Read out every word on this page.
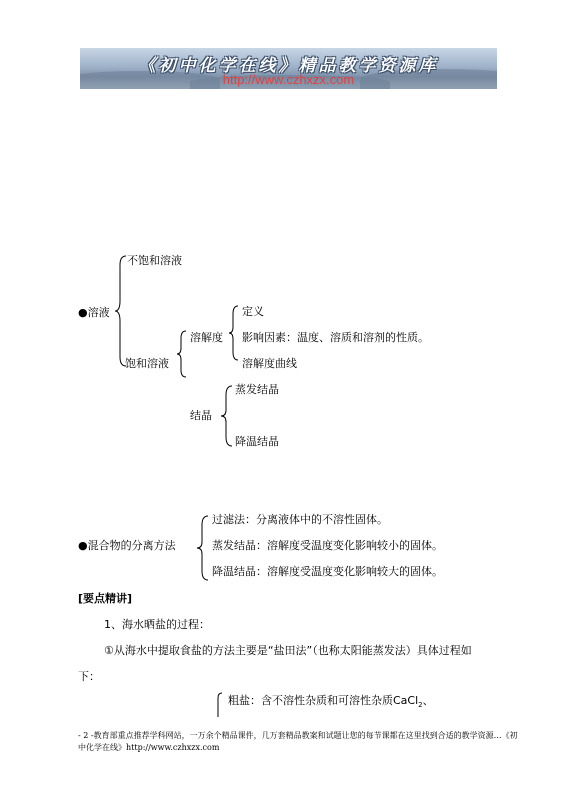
《初中化学在线》精品教学资源库
http://www.czhxzx.com
不饱和溶液
●溶液
饱和溶液
溶解度
定义
影响因素：温度、溶质和溶剂的性质。
溶解度曲线
结晶
蒸发结晶
降温结晶
●混合物的分离方法
过滤法：分离液体中的不溶性固体。
蒸发结晶：溶解度受温度变化影响较小的固体。
降温结晶：溶解度受温度变化影响较大的固体。
[要点精讲]
1、海水晒盐的过程：
①从海水中提取食盐的方法主要是“盐田法”（也称太阳能蒸发法）具体过程如
下：
粗盐：含不溶性杂质和可溶性杂质CaCl$_2$、
- 2 -教育部重点推荐学科网站，一万余个精品课件，几万套精品教案和试题让您的每节课都在这里找到合适的教学资源…《初中化学在线》http://www.czhxzx.com
